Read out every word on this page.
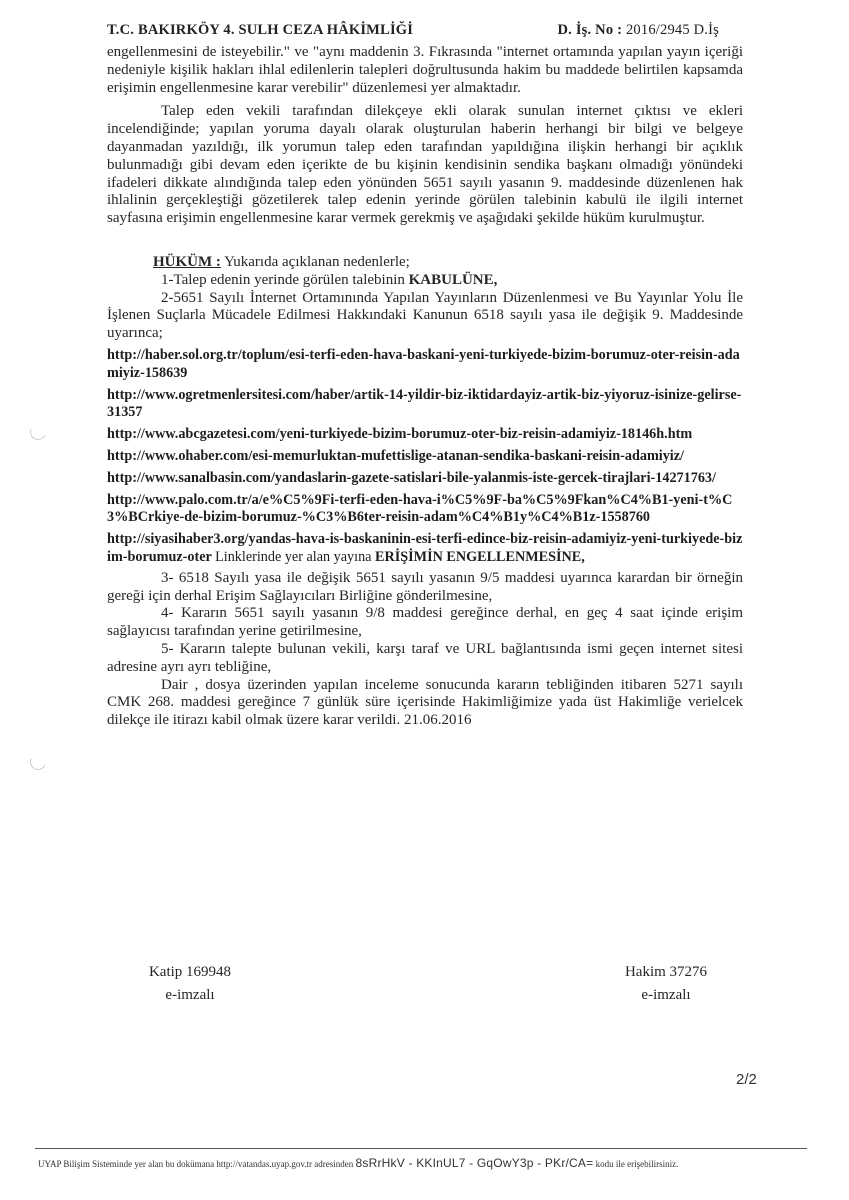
T.C. BAKIRKÖY 4. SULH CEZA HÂKİMLİĞİ	D. İş. No : 2016/2945 D.İş

engellenmesini de isteyebilir." ve "aynı maddenin 3. Fıkrasında "internet ortamında yapılan yayın içeriği nedeniyle kişilik hakları ihlal edilenlerin talepleri doğrultusunda hakim bu maddede belirtilen kapsamda erişimin engellenmesine karar verebilir" düzenlemesi yer almaktadır.

Talep eden vekili tarafından dilekçeye ekli olarak sunulan internet çıktısı ve ekleri incelendiğinde; yapılan yoruma dayalı olarak oluşturulan haberin herhangi bir bilgi ve belgeye dayanmadan yazıldığı, ilk yorumun talep eden tarafından yapıldığına ilişkin herhangi bir açıklık bulunmadığı gibi devam eden içerikte de bu kişinin kendisinin sendika başkanı olmadığı yönündeki ifadeleri dikkate alındığında talep eden yönünden 5651 sayılı yasanın 9. maddesinde düzenlenen hak ihlalinin gerçekleştiği gözetilerek talep edenin yerinde görülen talebinin kabulü ile ilgili internet sayfasına erişimin engellenmesine karar vermek gerekmiş ve aşağıdaki şekilde hüküm kurulmuştur.

HÜKÜM : Yukarıda açıklanan nedenlerle;

1-Talep edenin yerinde görülen talebinin KABULÜNE,

2-5651 Sayılı İnternet Ortamınında Yapılan Yayınların Düzenlenmesi ve Bu Yayınlar Yolu İle İşlenen Suçlarla Mücadele Edilmesi Hakkındaki Kanunun 6518 sayılı yasa ile değişik 9. Maddesinde uyarınca;

http://haber.sol.org.tr/toplum/esi-terfi-eden-hava-baskani-yeni-turkiyede-bizim-borumuz-oter-reisin-adamiyiz-158639
http://www.ogretmenlersitesi.com/haber/artik-14-yildir-biz-iktidardayiz-artik-biz-yiyoruz-isinize-gelirse-31357
http://www.abcgazetesi.com/yeni-turkiyede-bizim-borumuz-oter-biz-reisin-adamiyiz-18146h.htm
http://www.ohaber.com/esi-memurluktan-mufettislige-atanan-sendika-baskani-reisin-adamiyiz/
http://www.sanalbasin.com/yandaslarin-gazete-satislari-bile-yalanmis-iste-gercek-tirajlari-14271763/
http://www.palo.com.tr/a/e%C5%9Fi-terfi-eden-hava-i%C5%9F-ba%C5%9Fkan%C4%B1-yeni-t%C3%BCrkiye-de-bizim-borumuz-%C3%B6ter-reisin-adam%C4%B1y%C4%B1z-1558760
http://siyasihaber3.org/yandas-hava-is-baskaninin-esi-terfi-edince-biz-reisin-adamiyiz-yeni-turkiyede-bizim-borumuz-oter Linklerinde yer alan yayına ERİŞİMİN ENGELLENMESİNE,

3- 6518 Sayılı yasa ile değişik 5651 sayılı yasanın 9/5 maddesi uyarınca karardan bir örneğin gereği için derhal Erişim Sağlayıcıları Birliğine gönderilmesine,

4- Kararın 5651 sayılı yasanın 9/8 maddesi gereğince derhal, en geç 4 saat içinde erişim sağlayıcısı tarafından yerine getirilmesine,

5- Kararın talepte bulunan vekili, karşı taraf ve URL bağlantısında ismi geçen internet sitesi adresine ayrı ayrı tebliğine,

Dair , dosya üzerinden yapılan inceleme sonucunda kararın tebliğinden itibaren 5271 sayılı CMK 268. maddesi gereğince 7 günlük süre içerisinde Hakimliğimize yada üst Hakimliğe verielcek dilekçe ile itirazı kabil olmak üzere karar verildi. 21.06.2016

Katip 169948
e-imzalı
Hakim 37276
e-imzalı
2/2
UYAP Bilişim Sisteminde yer alan bu dokümana http://vatandas.uyap.gov.tr adresinden 8sRrHkV - KKInUL7 - GqOwY3p - PKr/CA= kodu ile erişebilirsiniz.
